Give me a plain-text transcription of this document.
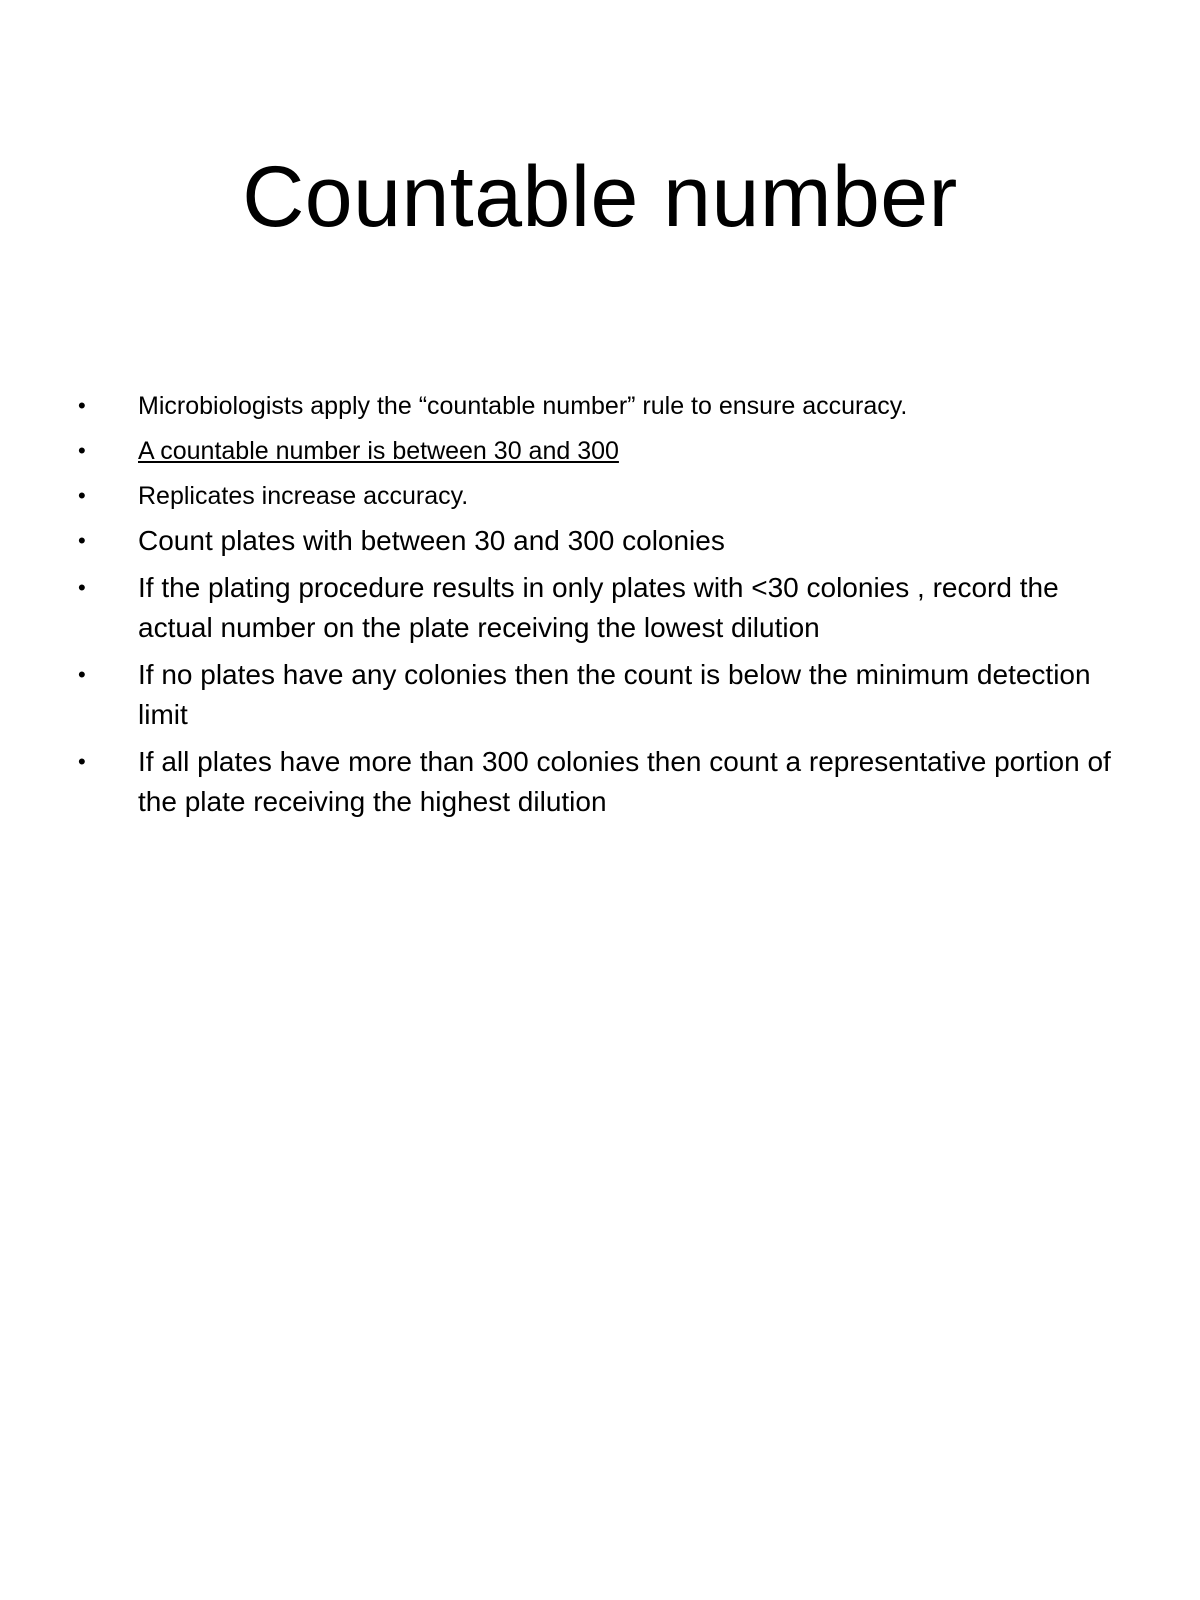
Countable number
•	Microbiologists apply the “countable number” rule to ensure accuracy.
•	A countable number is between 30 and 300
•	Replicates increase accuracy.
•	Count plates with between 30 and 300 colonies
•	If the plating procedure results in only plates with <30 colonies , record the actual number on the plate receiving the lowest dilution
•	If no plates have any colonies then the count is below the minimum detection limit
•	If all plates have more than 300 colonies then count a representative portion of the plate receiving the highest dilution
